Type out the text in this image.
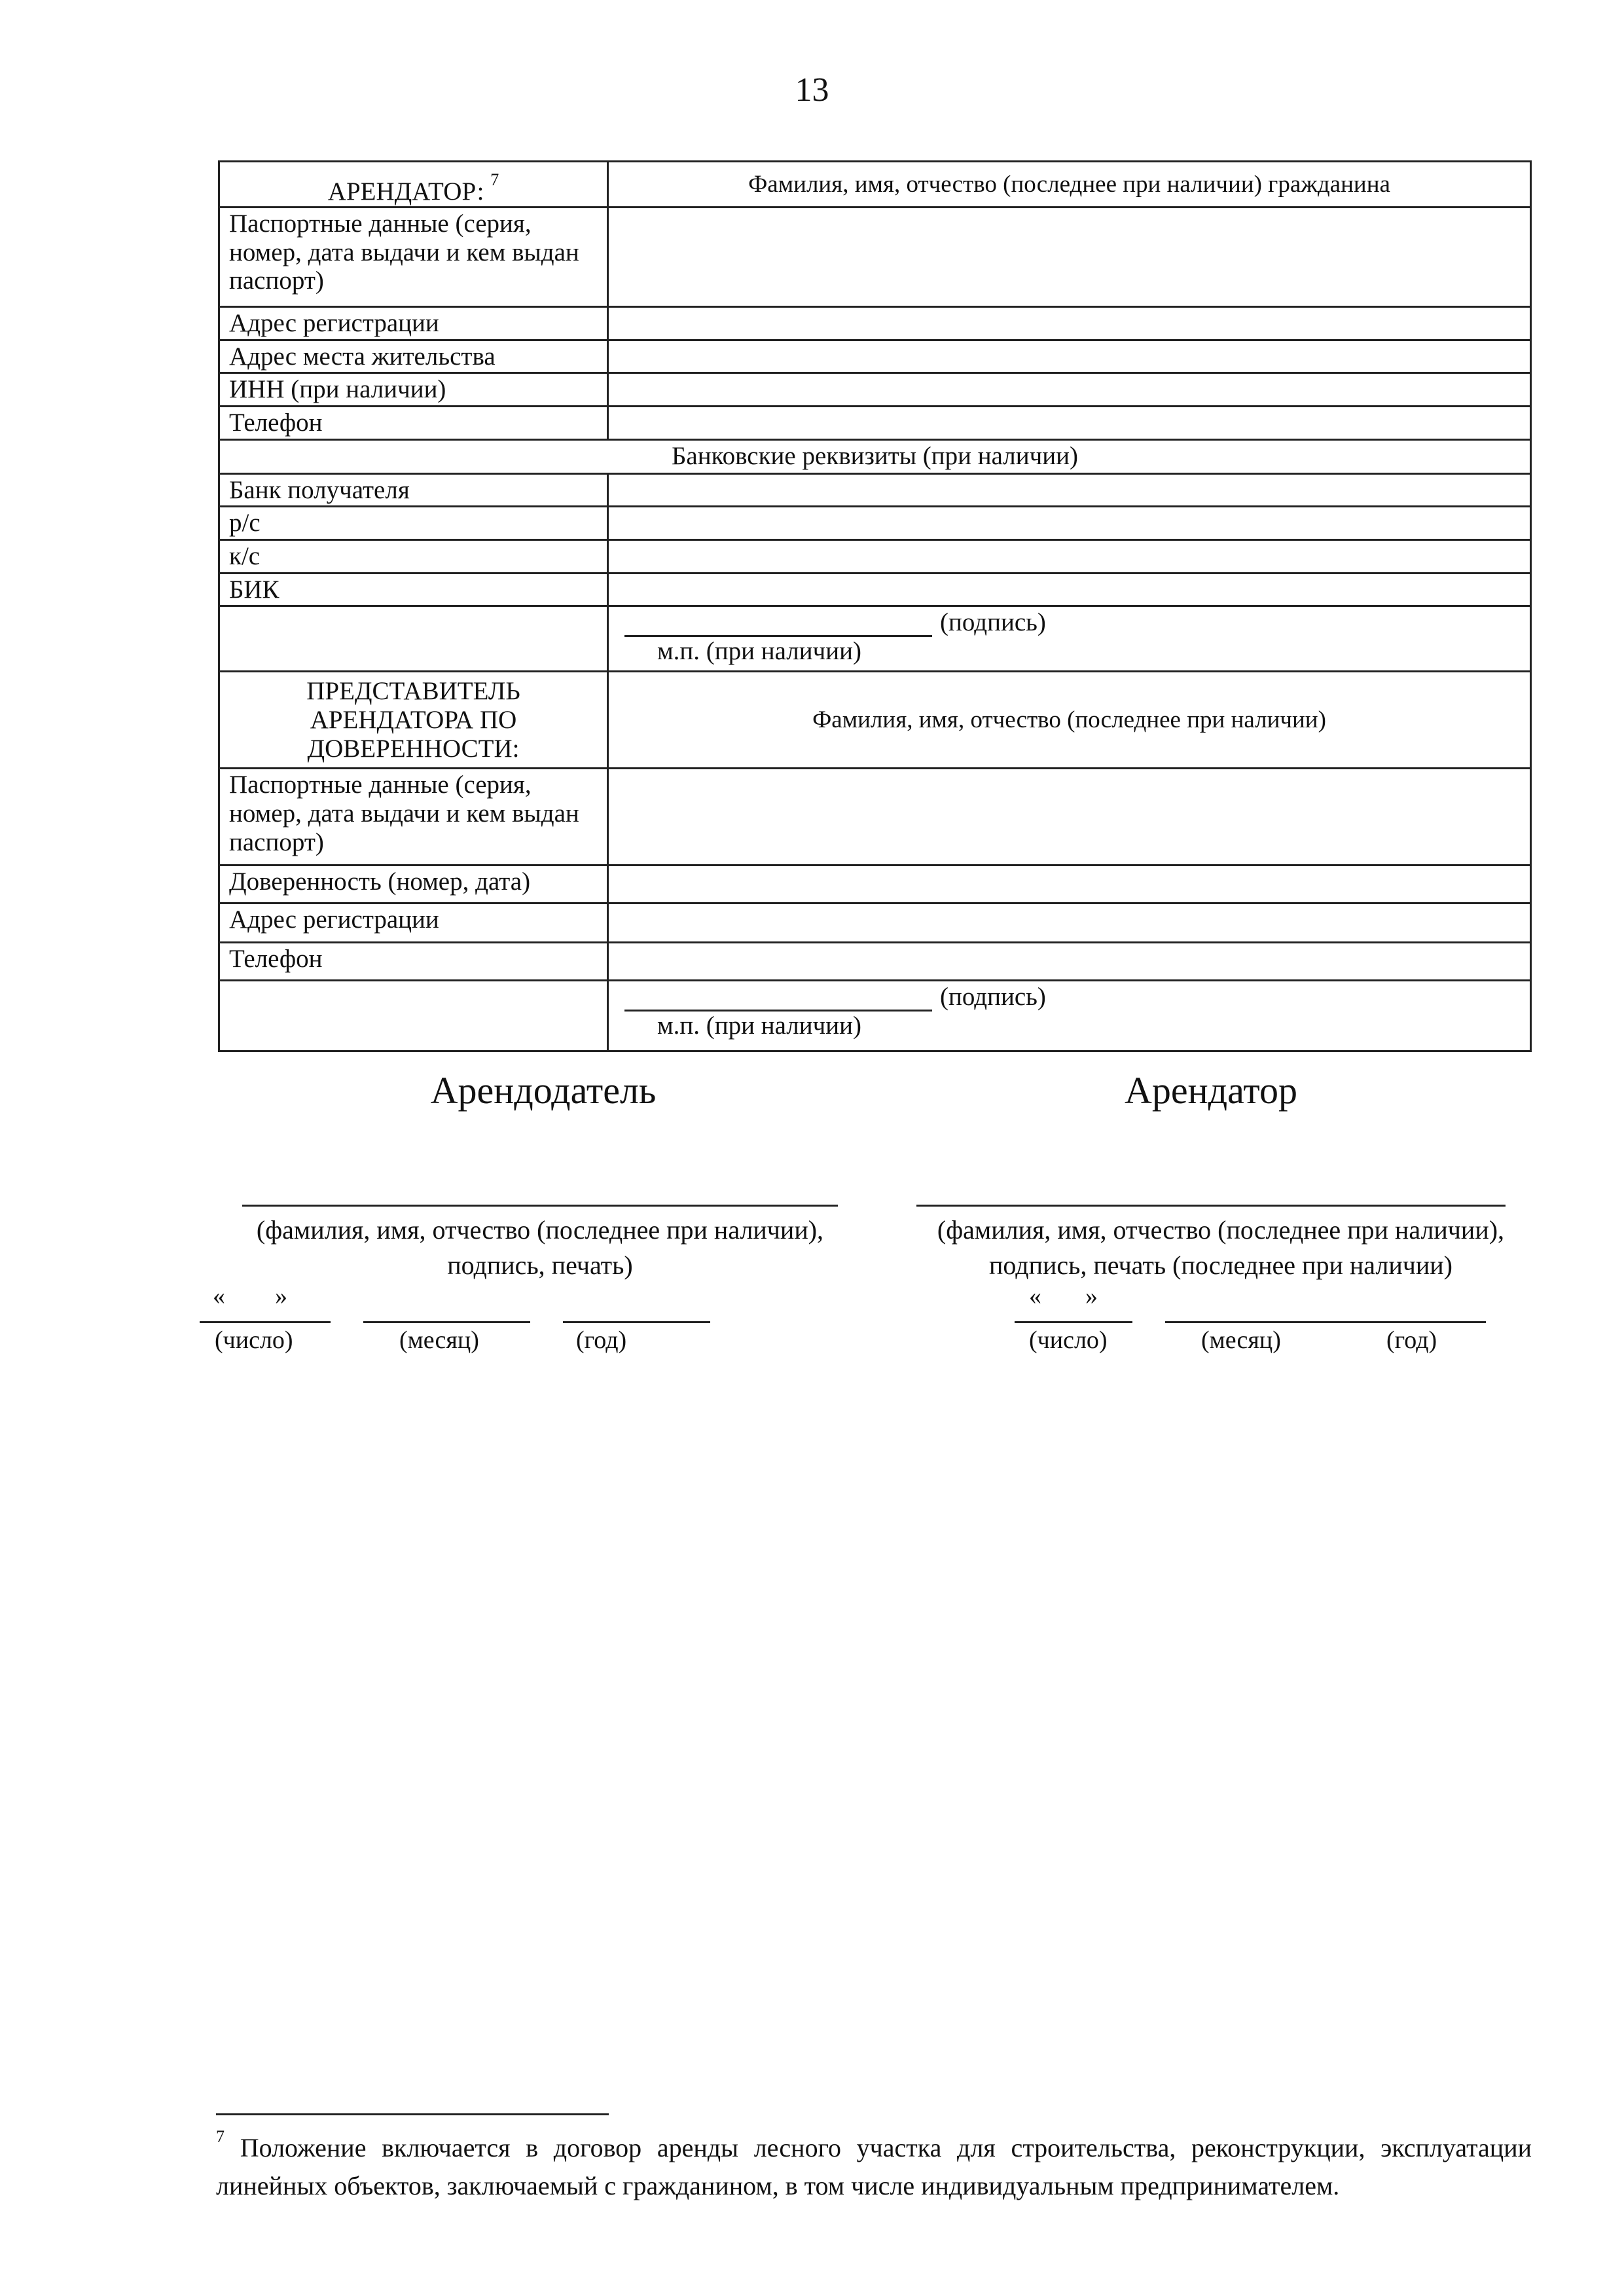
13
АРЕНДАТОР: $^7$	Фамилия, имя, отчество (последнее при наличии) гражданина
Паспортные данные (серия, номер, дата выдачи и кем выдан паспорт)	
Адрес регистрации	
Адрес места жительства	
ИНН (при наличии)	
Телефон	
Банковские реквизиты (при наличии)	
Банк получателя	
р/с	
к/с	
БИК	

	(подпись)
м.п. (при наличии)

ПРЕДСТАВИТЕЛЬ АРЕНДАТОРА ПО ДОВЕРЕННОСТИ:	Фамилия, имя, отчество (последнее при наличии)
Паспортные данные (серия, номер, дата выдачи и кем выдан паспорт)	
Доверенность (номер, дата)	
Адрес регистрации	
Телефон	

	(подпись)
м.п. (при наличии)
Арендодатель	Арендатор
(фамилия, имя, отчество (последнее при наличии),
подпись, печать)
(фамилия, имя, отчество (последнее при наличии),
подпись, печать (последнее при наличии)
« »
(число)	(месяц)	(год)
« »
(число)	(месяц)	(год)
$^7$ Положение включается в договор аренды лесного участка для строительства, реконструкции, эксплуатации линейных объектов, заключаемый с гражданином, в том числе индивидуальным предпринимателем.
